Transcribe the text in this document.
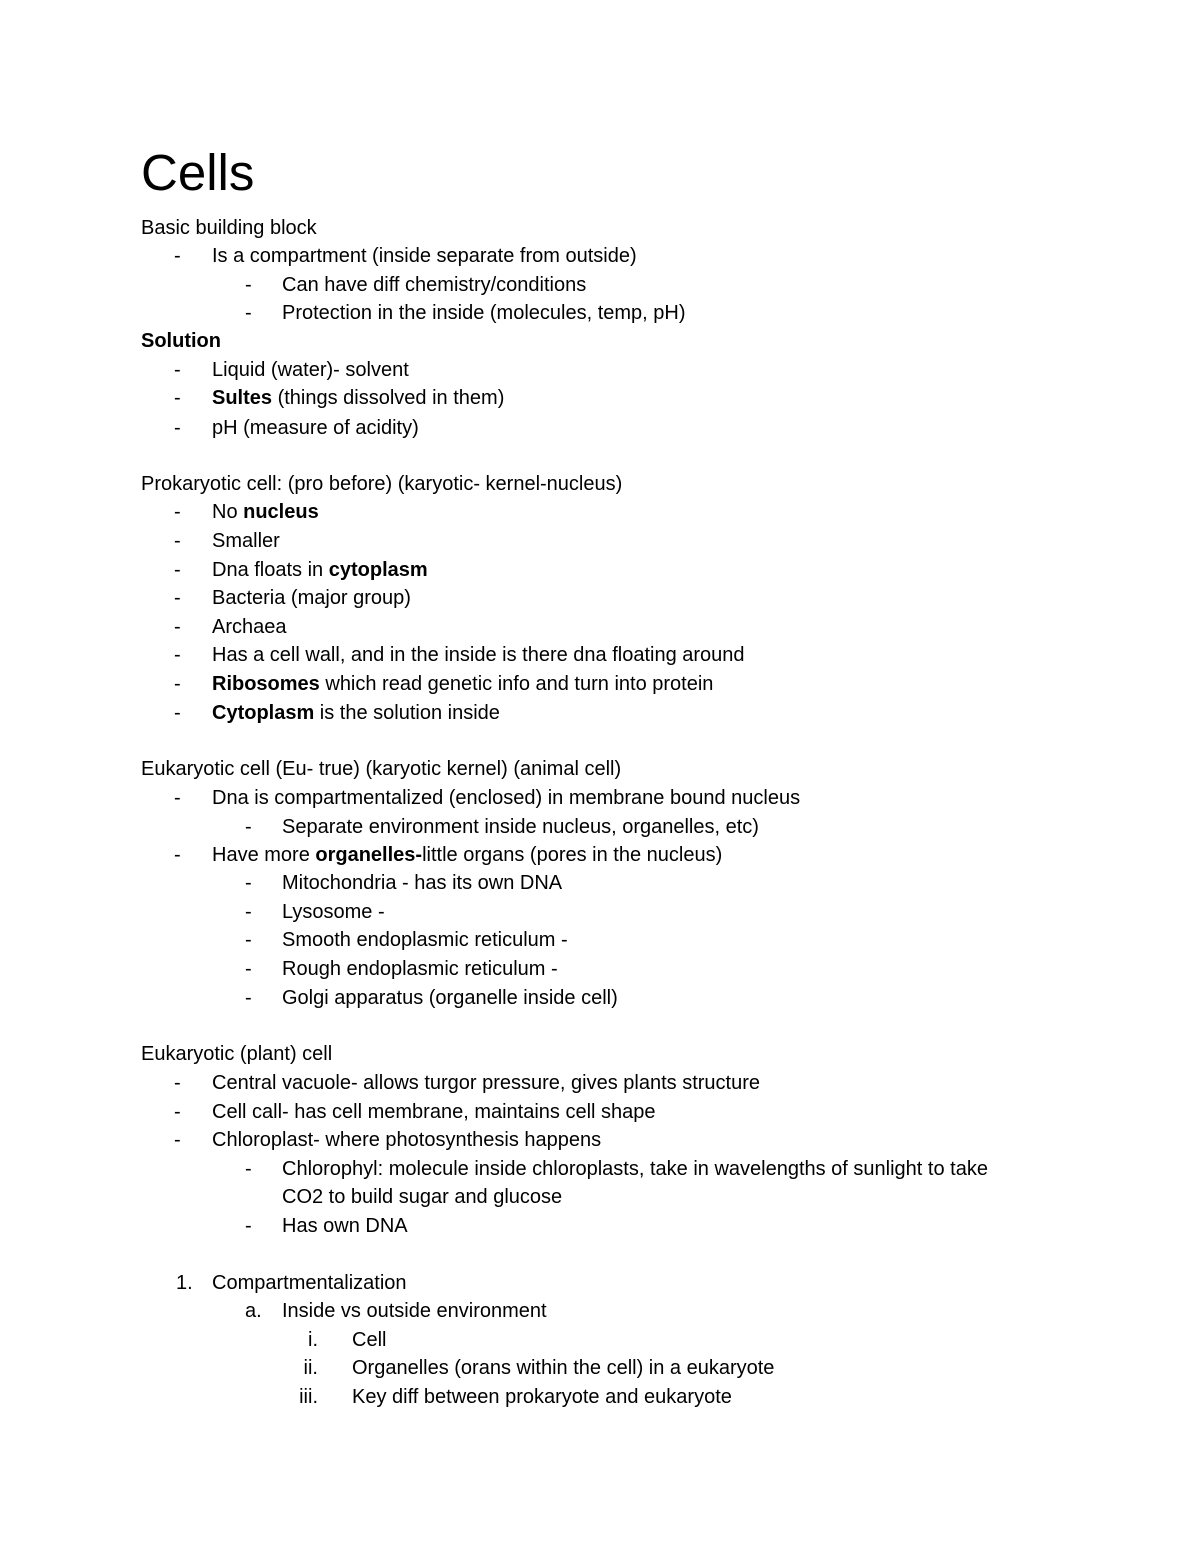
Cells
Basic building block
- Is a compartment (inside separate from outside)
- Can have diff chemistry/conditions
- Protection in the inside (molecules, temp, pH)
Solution
- Liquid (water)- solvent
- Sultes (things dissolved in them)
- pH (measure of acidity)
Prokaryotic cell: (pro before) (karyotic- kernel-nucleus)
- No nucleus
- Smaller
- Dna floats in cytoplasm
- Bacteria (major group)
- Archaea
- Has a cell wall, and in the inside is there dna floating around
- Ribosomes which read genetic info and turn into protein
- Cytoplasm is the solution inside
Eukaryotic cell (Eu- true) (karyotic kernel) (animal cell)
- Dna is compartmentalized (enclosed) in membrane bound nucleus
- Separate environment inside nucleus, organelles, etc)
- Have more organelles-little organs (pores in the nucleus)
- Mitochondria - has its own DNA
- Lysosome -
- Smooth endoplasmic reticulum -
- Rough endoplasmic reticulum -
- Golgi apparatus (organelle inside cell)
Eukaryotic (plant) cell
- Central vacuole- allows turgor pressure, gives plants structure
- Cell call- has cell membrane, maintains cell shape
- Chloroplast- where photosynthesis happens
- Chlorophyl: molecule inside chloroplasts, take in wavelengths of sunlight to take
CO2 to build sugar and glucose
- Has own DNA
1. Compartmentalization
a. Inside vs outside environment
i. Cell
ii. Organelles (orans within the cell) in a eukaryote
iii. Key diff between prokaryote and eukaryote
